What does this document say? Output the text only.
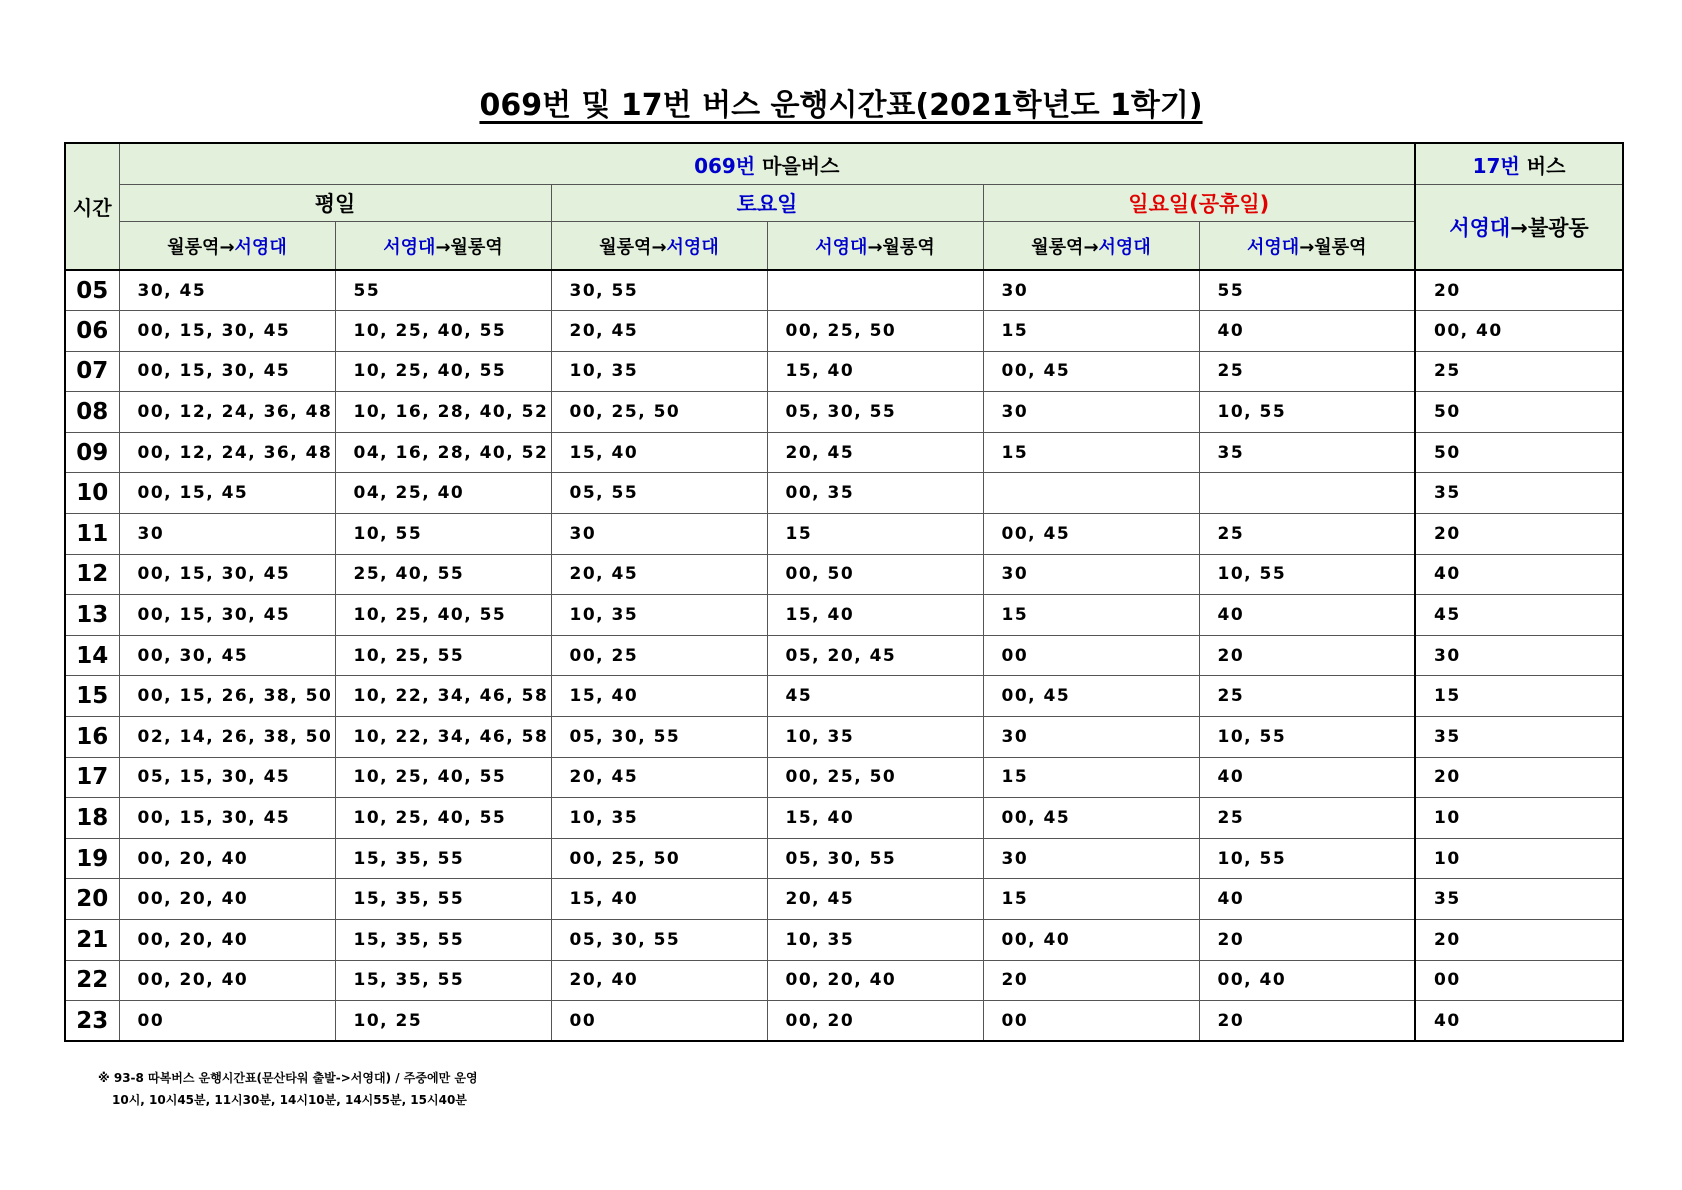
069번 및 17번 버스 운행시간표(2021학년도 1학기)
시간	069번 마을버스						17번 버스
	평일		토요일		일요일(공휴일)		서영대→불광동
	월롱역→서영대	서영대→월롱역	월롱역→서영대	서영대→월롱역	월롱역→서영대	서영대→월롱역	
05	30, 45	55	30, 55		30	55	20
06	00, 15, 30, 45	10, 25, 40, 55	20, 45	00, 25, 50	15	40	00, 40
07	00, 15, 30, 45	10, 25, 40, 55	10, 35	15, 40	00, 45	25	25
08	00, 12, 24, 36, 48	10, 16, 28, 40, 52	00, 25, 50	05, 30, 55	30	10, 55	50
09	00, 12, 24, 36, 48	04, 16, 28, 40, 52	15, 40	20, 45	15	35	50
10	00, 15, 45	04, 25, 40	05, 55	00, 35			35
11	30	10, 55	30	15	00, 45	25	20
12	00, 15, 30, 45	25, 40, 55	20, 45	00, 50	30	10, 55	40
13	00, 15, 30, 45	10, 25, 40, 55	10, 35	15, 40	15	40	45
14	00, 30, 45	10, 25, 55	00, 25	05, 20, 45	00	20	30
15	00, 15, 26, 38, 50	10, 22, 34, 46, 58	15, 40	45	00, 45	25	15
16	02, 14, 26, 38, 50	10, 22, 34, 46, 58	05, 30, 55	10, 35	30	10, 55	35
17	05, 15, 30, 45	10, 25, 40, 55	20, 45	00, 25, 50	15	40	20
18	00, 15, 30, 45	10, 25, 40, 55	10, 35	15, 40	00, 45	25	10
19	00, 20, 40	15, 35, 55	00, 25, 50	05, 30, 55	30	10, 55	10
20	00, 20, 40	15, 35, 55	15, 40	20, 45	15	40	35
21	00, 20, 40	15, 35, 55	05, 30, 55	10, 35	00, 40	20	20
22	00, 20, 40	15, 35, 55	20, 40	00, 20, 40	20	00, 40	00
23	00	10, 25	00	00, 20	00	20	40
※ 93-8 따복버스 운행시간표(문산타워 출발->서영대) / 주중에만 운영
10시, 10시45분, 11시30분, 14시10분, 14시55분, 15시40분
